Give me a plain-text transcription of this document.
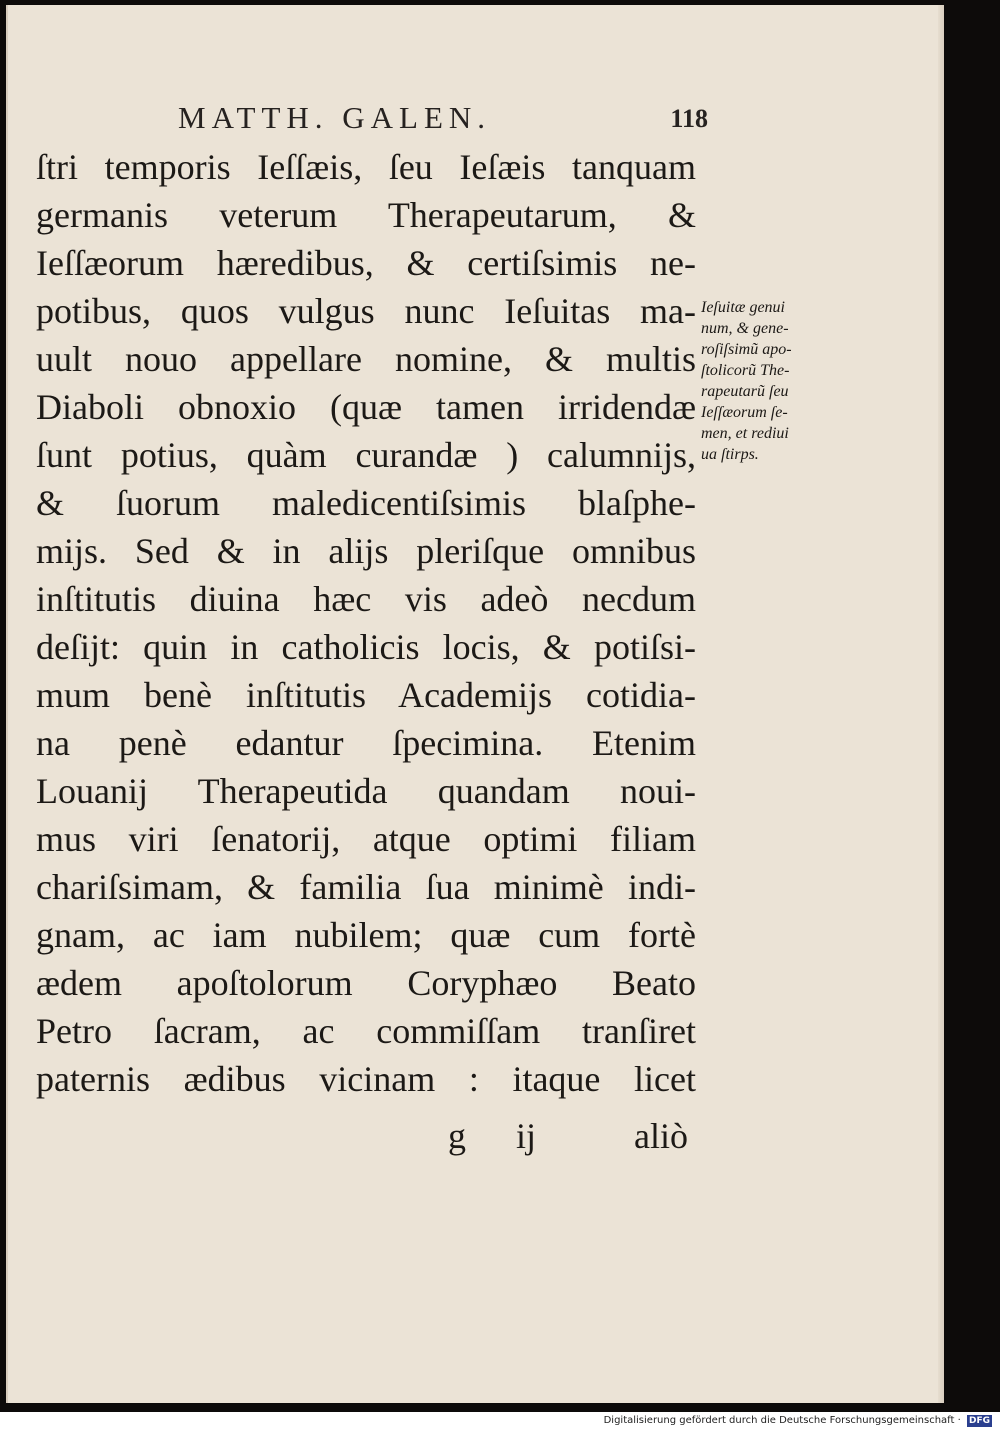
MATTH. GALEN.	118
ſtri temporis Ieſſæis, ſeu Ieſæis tanquam
germanis veterum Therapeutarum, &
Ieſſæorum hæredibus, & certiſsimis ne-
potibus, quos vulgus nunc Ieſuitas ma-
uult nouo appellare nomine, & multis
Diaboli obnoxio (quæ tamen irridendæ
ſunt potius, quàm curandæ ) calumnijs,
& ſuorum maledicentiſsimis blaſphe-
mijs. Sed & in alijs pleriſque omnibus
inſtitutis diuina hæc vis adeò necdum
deſijt: quin in catholicis locis, & potiſsi-
mum benè inſtitutis Academijs cotidia-
na penè edantur ſpecimina. Etenim
Louanij Therapeutida quandam noui-
mus viri ſenatorij, atque optimi filiam
chariſsimam, & familia ſua minimè indi-
gnam, ac iam nubilem; quæ cum fortè
ædem apoſtolorum Coryphæo Beato
Petro ſacram, ac commiſſam tranſiret
paternis ædibus vicinam : itaque licet
g ij	aliò
Ieſuitæ genui
num, & gene-
roſiſsimũ apo-
ſtolicorũ The-
rapeutarũ ſeu
Ieſſæorum ſe-
men, et rediui
ua ſtirps.
Digitalisierung gefördert durch die Deutsche Forschungsgemeinschaft · DFG
